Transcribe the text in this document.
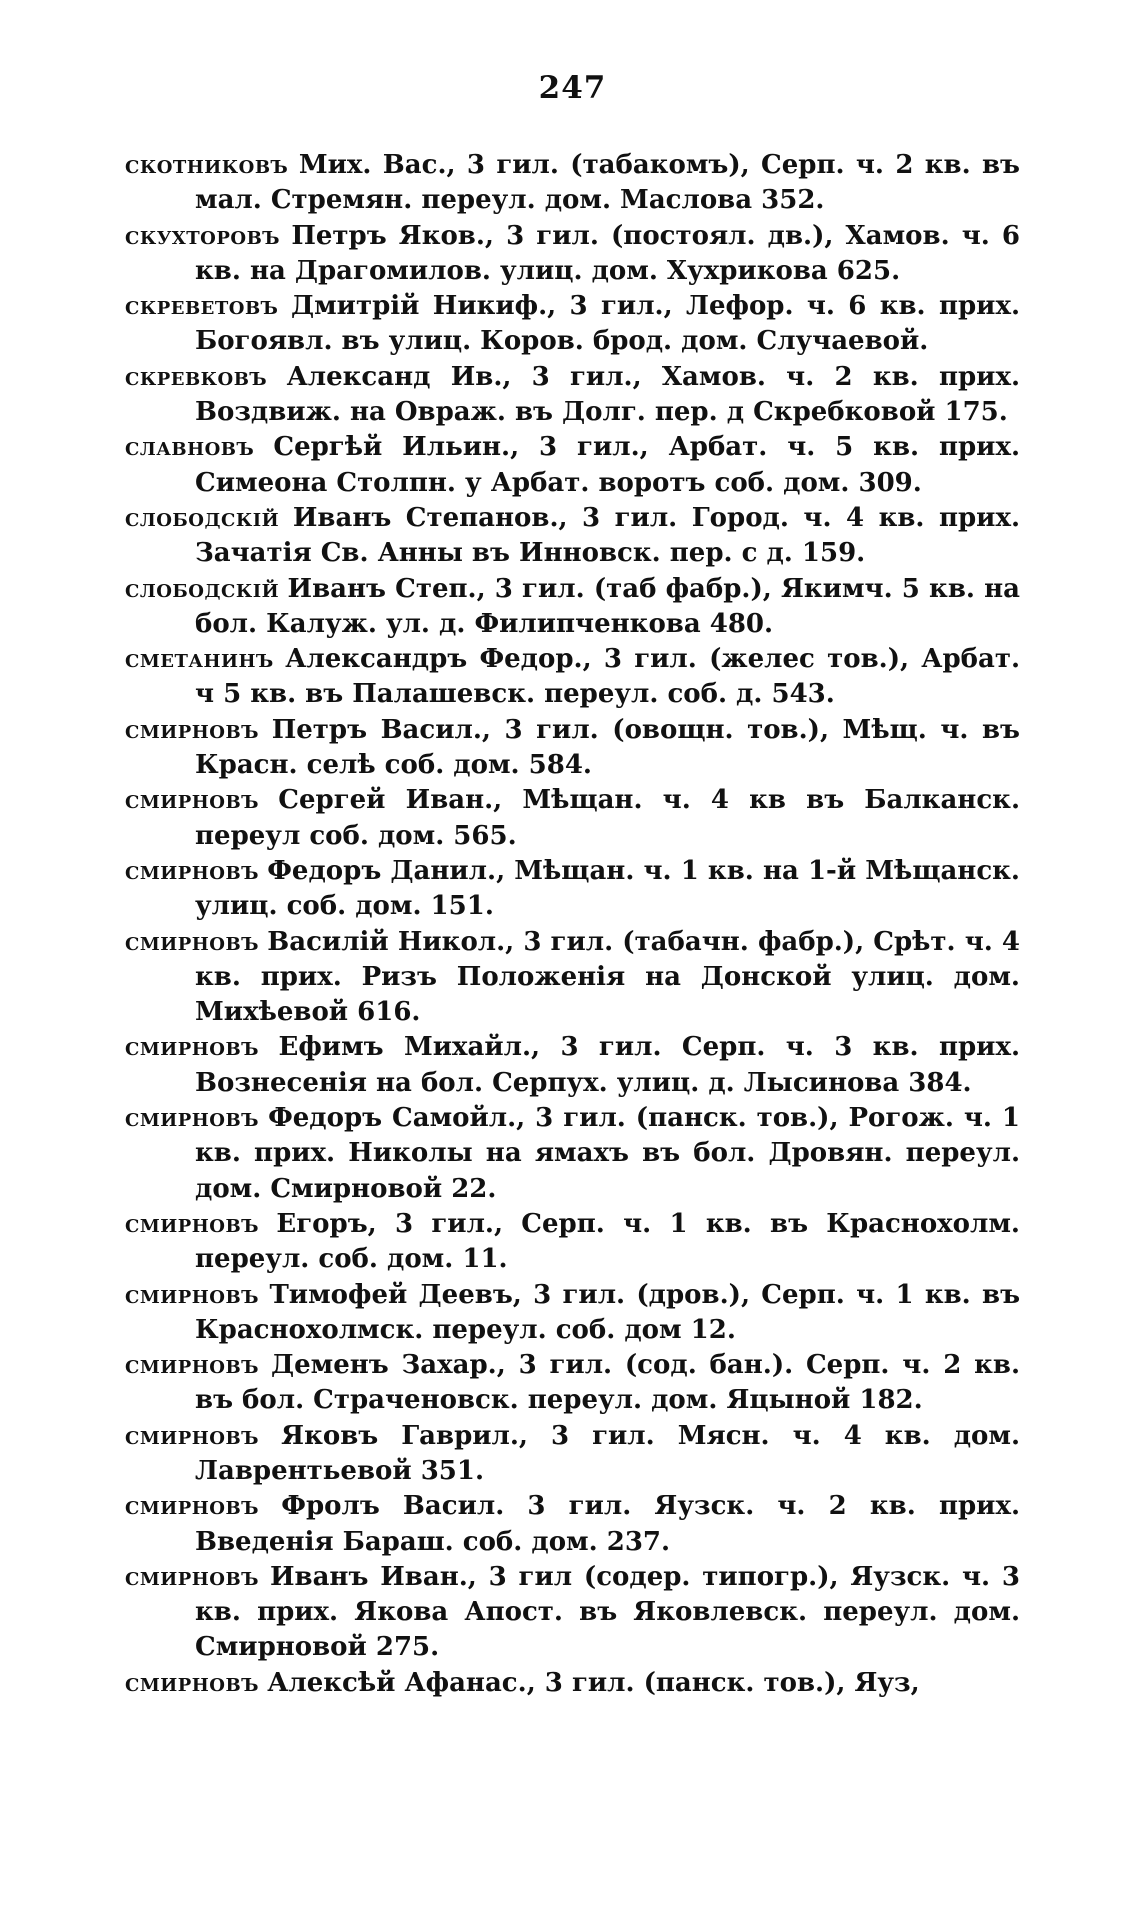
247

скотниковъ Мих. Вас., 3 гил. (табакомъ), Серп. ч. 2 кв. въ мал. Стремян. переул. дом. Маслова 352.

скухторовъ Петръ Яков., 3 гил. (постоял. дв.), Хамов. ч. 6 кв. на Драгомилов. улиц. дом. Хухрикова 625.

скреветовъ Дмитрій Никиф., 3 гил., Лефор. ч. 6 кв. прих. Богоявл. въ улиц. Коров. брод. дом. Случаевой.

скревковъ Александ Ив., 3 гил., Хамов. ч. 2 кв. прих. Воздвиж. на Овраж. въ Долг. пер. д Скребковой 175.

славновъ Сергѣй Ильин., 3 гил., Арбат. ч. 5 кв. прих. Симеона Столпн. у Арбат. воротъ соб. дом. 309.

слободскій Иванъ Степанов., 3 гил. Город. ч. 4 кв. прих. Зачатія Св. Анны въ Инновск. пер. с д. 159.

слободскій Иванъ Степ., 3 гил. (таб фабр.), Якимч. 5 кв. на бол. Калуж. ул. д. Филипченкова 480.

сметанинъ Александръ Федор., 3 гил. (желес тов.), Арбат. ч 5 кв. въ Палашевск. переул. соб. д. 543.

смирновъ Петръ Васил., 3 гил. (овощн. тов.), Мѣщ. ч. въ Красн. селѣ соб. дом. 584.

смирновъ Сергей Иван., Мѣщан. ч. 4 кв въ Балканск. переул соб. дом. 565.

смирновъ Федоръ Данил., Мѣщан. ч. 1 кв. на 1-й Мѣщанск. улиц. соб. дом. 151.

смирновъ Василій Никол., 3 гил. (табачн. фабр.), Срѣт. ч. 4 кв. прих. Ризъ Положенія на Донской улиц. дом. Михѣевой 616.

смирновъ Ефимъ Михайл., 3 гил. Серп. ч. 3 кв. прих. Вознесенія на бол. Серпух. улиц. д. Лысинова 384.

смирновъ Федоръ Самойл., 3 гил. (панск. тов.), Рогож. ч. 1 кв. прих. Николы на ямахъ въ бол. Дровян. переул. дом. Смирновой 22.

смирновъ Егоръ, 3 гил., Серп. ч. 1 кв. въ Краснохолм. переул. соб. дом. 11.

смирновъ Тимофей Деевъ, 3 гил. (дров.), Серп. ч. 1 кв. въ Краснохолмск. переул. соб. дом 12.

смирновъ Деменъ Захар., 3 гил. (сод. бан.). Серп. ч. 2 кв. въ бол. Страченовск. переул. дом. Яцыной 182.

смирновъ Яковъ Гаврил., 3 гил. Мясн. ч. 4 кв. дом. Лаврентьевой 351.

смирновъ Фролъ Васил. 3 гил. Яузск. ч. 2 кв. прих. Введенія Бараш. соб. дом. 237.

смирновъ Иванъ Иван., 3 гил (содер. типогр.), Яузск. ч. 3 кв. прих. Якова Апост. въ Яковлевск. переул. дом. Смирновой 275.

смирновъ Алексѣй Афанас., 3 гил. (панск. тов.), Яуз,
